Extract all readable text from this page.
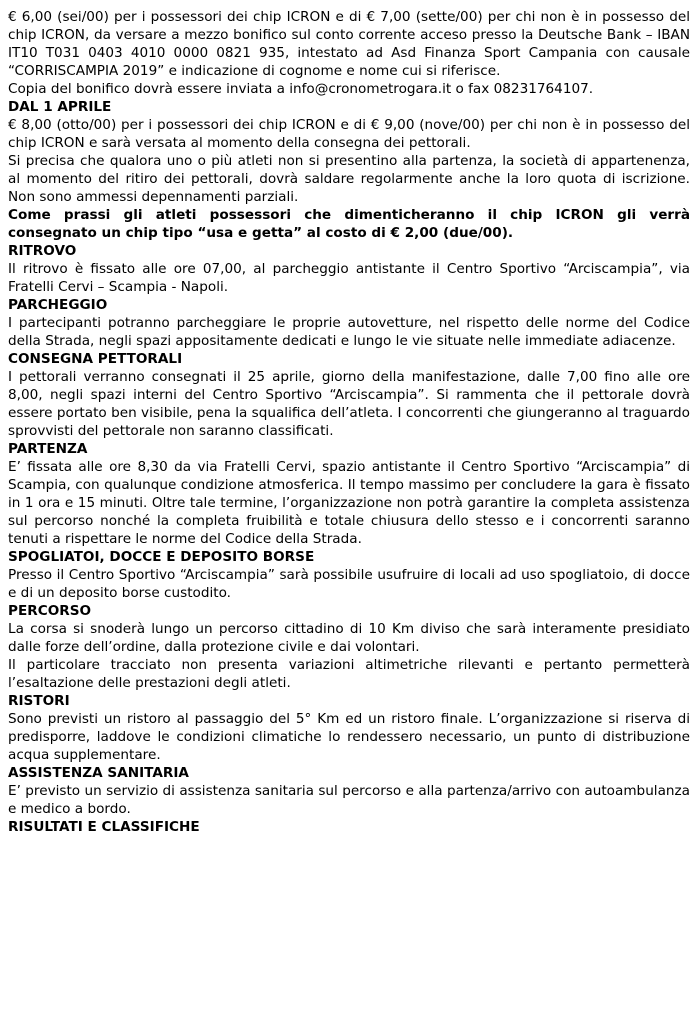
€ 6,00 (sei/00) per i possessori dei chip ICRON e di € 7,00 (sette/00) per chi non è in possesso del chip ICRON, da versare a mezzo bonifico sul conto corrente acceso presso la Deutsche Bank – IBAN IT10 T031 0403 4010 0000 0821 935, intestato ad Asd Finanza Sport Campania con causale “CORRISCAMPIA 2019” e indicazione di cognome e nome cui si riferisce.

Copia del bonifico dovrà essere inviata a info@cronometrogara.it o fax 08231764107.

DAL 1 APRILE

€ 8,00 (otto/00) per i possessori dei chip ICRON e di € 9,00 (nove/00) per chi non è in possesso del chip ICRON e sarà versata al momento della consegna dei pettorali.

Si precisa che qualora uno o più atleti non si presentino alla partenza, la società di appartenenza, al momento del ritiro dei pettorali, dovrà saldare regolarmente anche la loro quota di iscrizione. Non sono ammessi depennamenti parziali.

Come prassi gli atleti possessori che dimenticheranno il chip ICRON gli verrà consegnato un chip tipo “usa e getta” al costo di € 2,00 (due/00).

RITROVO

Il ritrovo è fissato alle ore 07,00, al parcheggio antistante il Centro Sportivo “Arciscampia”, via Fratelli Cervi – Scampia - Napoli.

PARCHEGGIO

I partecipanti potranno parcheggiare le proprie autovetture, nel rispetto delle norme del Codice della Strada, negli spazi appositamente dedicati e lungo le vie situate nelle immediate adiacenze.

CONSEGNA PETTORALI

I pettorali verranno consegnati il 25 aprile, giorno della manifestazione, dalle 7,00 fino alle ore 8,00, negli spazi interni del Centro Sportivo “Arciscampia”. Si rammenta che il pettorale dovrà essere portato ben visibile, pena la squalifica dell’atleta. I concorrenti che giungeranno al traguardo sprovvisti del pettorale non saranno classificati.

PARTENZA

E’ fissata alle ore 8,30 da via Fratelli Cervi, spazio antistante il Centro Sportivo “Arciscampia” di Scampia, con qualunque condizione atmosferica. Il tempo massimo per concludere la gara è fissato in 1 ora e 15 minuti. Oltre tale termine, l’organizzazione non potrà garantire la completa assistenza sul percorso nonché la completa fruibilità e totale chiusura dello stesso e i concorrenti saranno tenuti a rispettare le norme del Codice della Strada.

SPOGLIATOI, DOCCE E DEPOSITO BORSE

Presso il Centro Sportivo “Arciscampia” sarà possibile usufruire di locali ad uso spogliatoio, di docce e di un deposito borse custodito.

PERCORSO

La corsa si snoderà lungo un percorso cittadino di 10 Km diviso che sarà interamente presidiato dalle forze dell’ordine, dalla protezione civile e dai volontari.

Il particolare tracciato non presenta variazioni altimetriche rilevanti e pertanto permetterà l’esaltazione delle prestazioni degli atleti.

RISTORI

Sono previsti un ristoro al passaggio del 5° Km ed un ristoro finale. L’organizzazione si riserva di predisporre, laddove le condizioni climatiche lo rendessero necessario, un punto di distribuzione acqua supplementare.

ASSISTENZA SANITARIA

E’ previsto un servizio di assistenza sanitaria sul percorso e alla partenza/arrivo con autoambulanza e medico a bordo.

RISULTATI E CLASSIFICHE
